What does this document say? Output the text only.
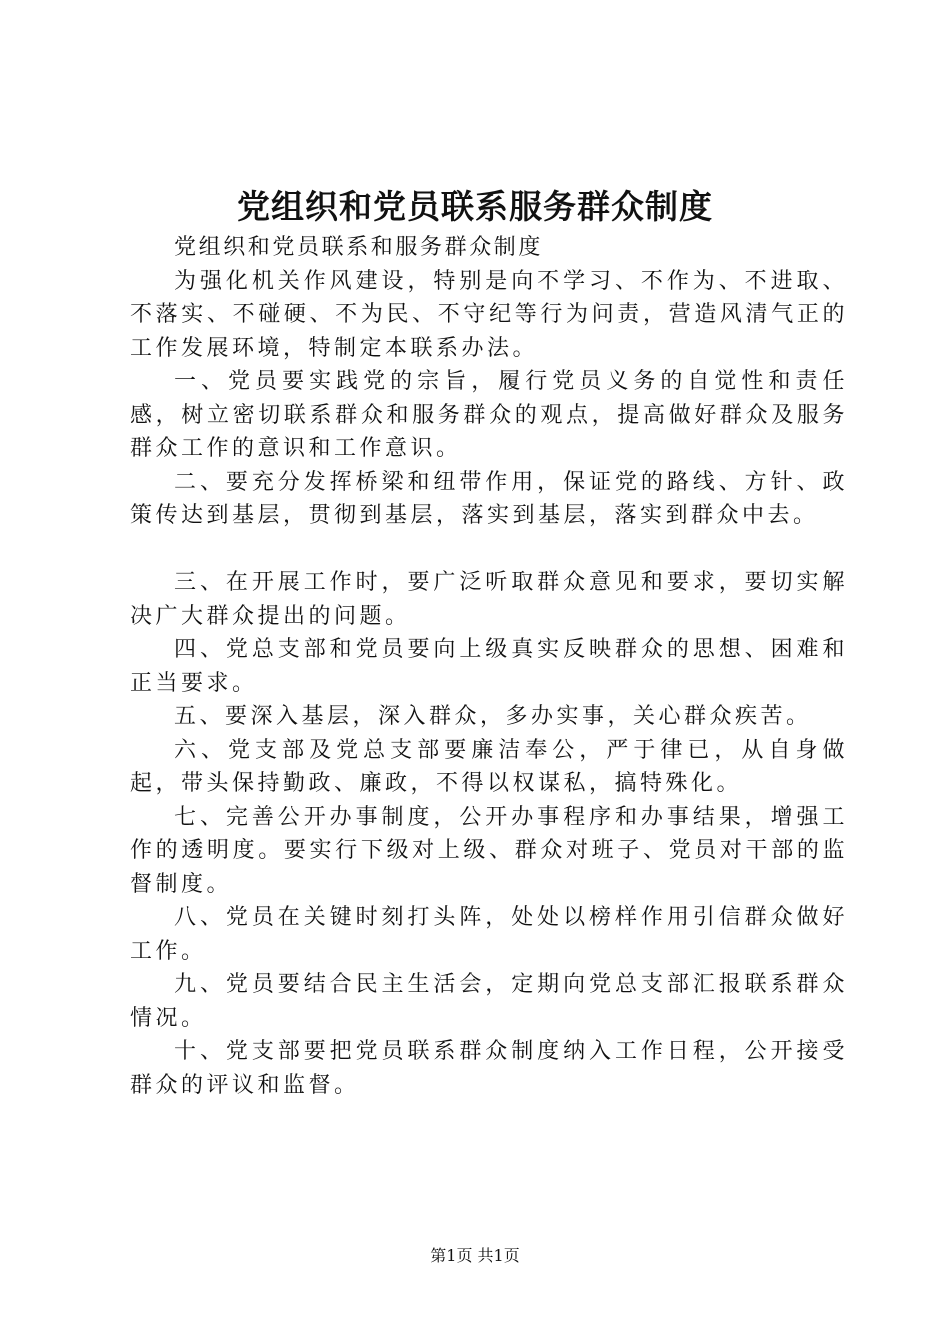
党组织和党员联系服务群众制度

党组织和党员联系和服务群众制度

为强化机关作风建设，特别是向不学习、不作为、不进取、不落实、不碰硬、不为民、不守纪等行为问责，营造风清气正的工作发展环境，特制定本联系办法。

一、党员要实践党的宗旨，履行党员义务的自觉性和责任感，树立密切联系群众和服务群众的观点，提高做好群众及服务群众工作的意识和工作意识。

二、要充分发挥桥梁和纽带作用，保证党的路线、方针、政策传达到基层，贯彻到基层，落实到基层，落实到群众中去。

三、在开展工作时，要广泛听取群众意见和要求，要切实解决广大群众提出的问题。

四、党总支部和党员要向上级真实反映群众的思想、困难和正当要求。

五、要深入基层，深入群众，多办实事，关心群众疾苦。

六、党支部及党总支部要廉洁奉公，严于律已，从自身做起，带头保持勤政、廉政，不得以权谋私，搞特殊化。

七、完善公开办事制度，公开办事程序和办事结果，增强工作的透明度。要实行下级对上级、群众对班子、党员对干部的监督制度。

八、党员在关键时刻打头阵，处处以榜样作用引信群众做好工作。

九、党员要结合民主生活会，定期向党总支部汇报联系群众情况。

十、党支部要把党员联系群众制度纳入工作日程，公开接受群众的评议和监督。

第1页 共1页
